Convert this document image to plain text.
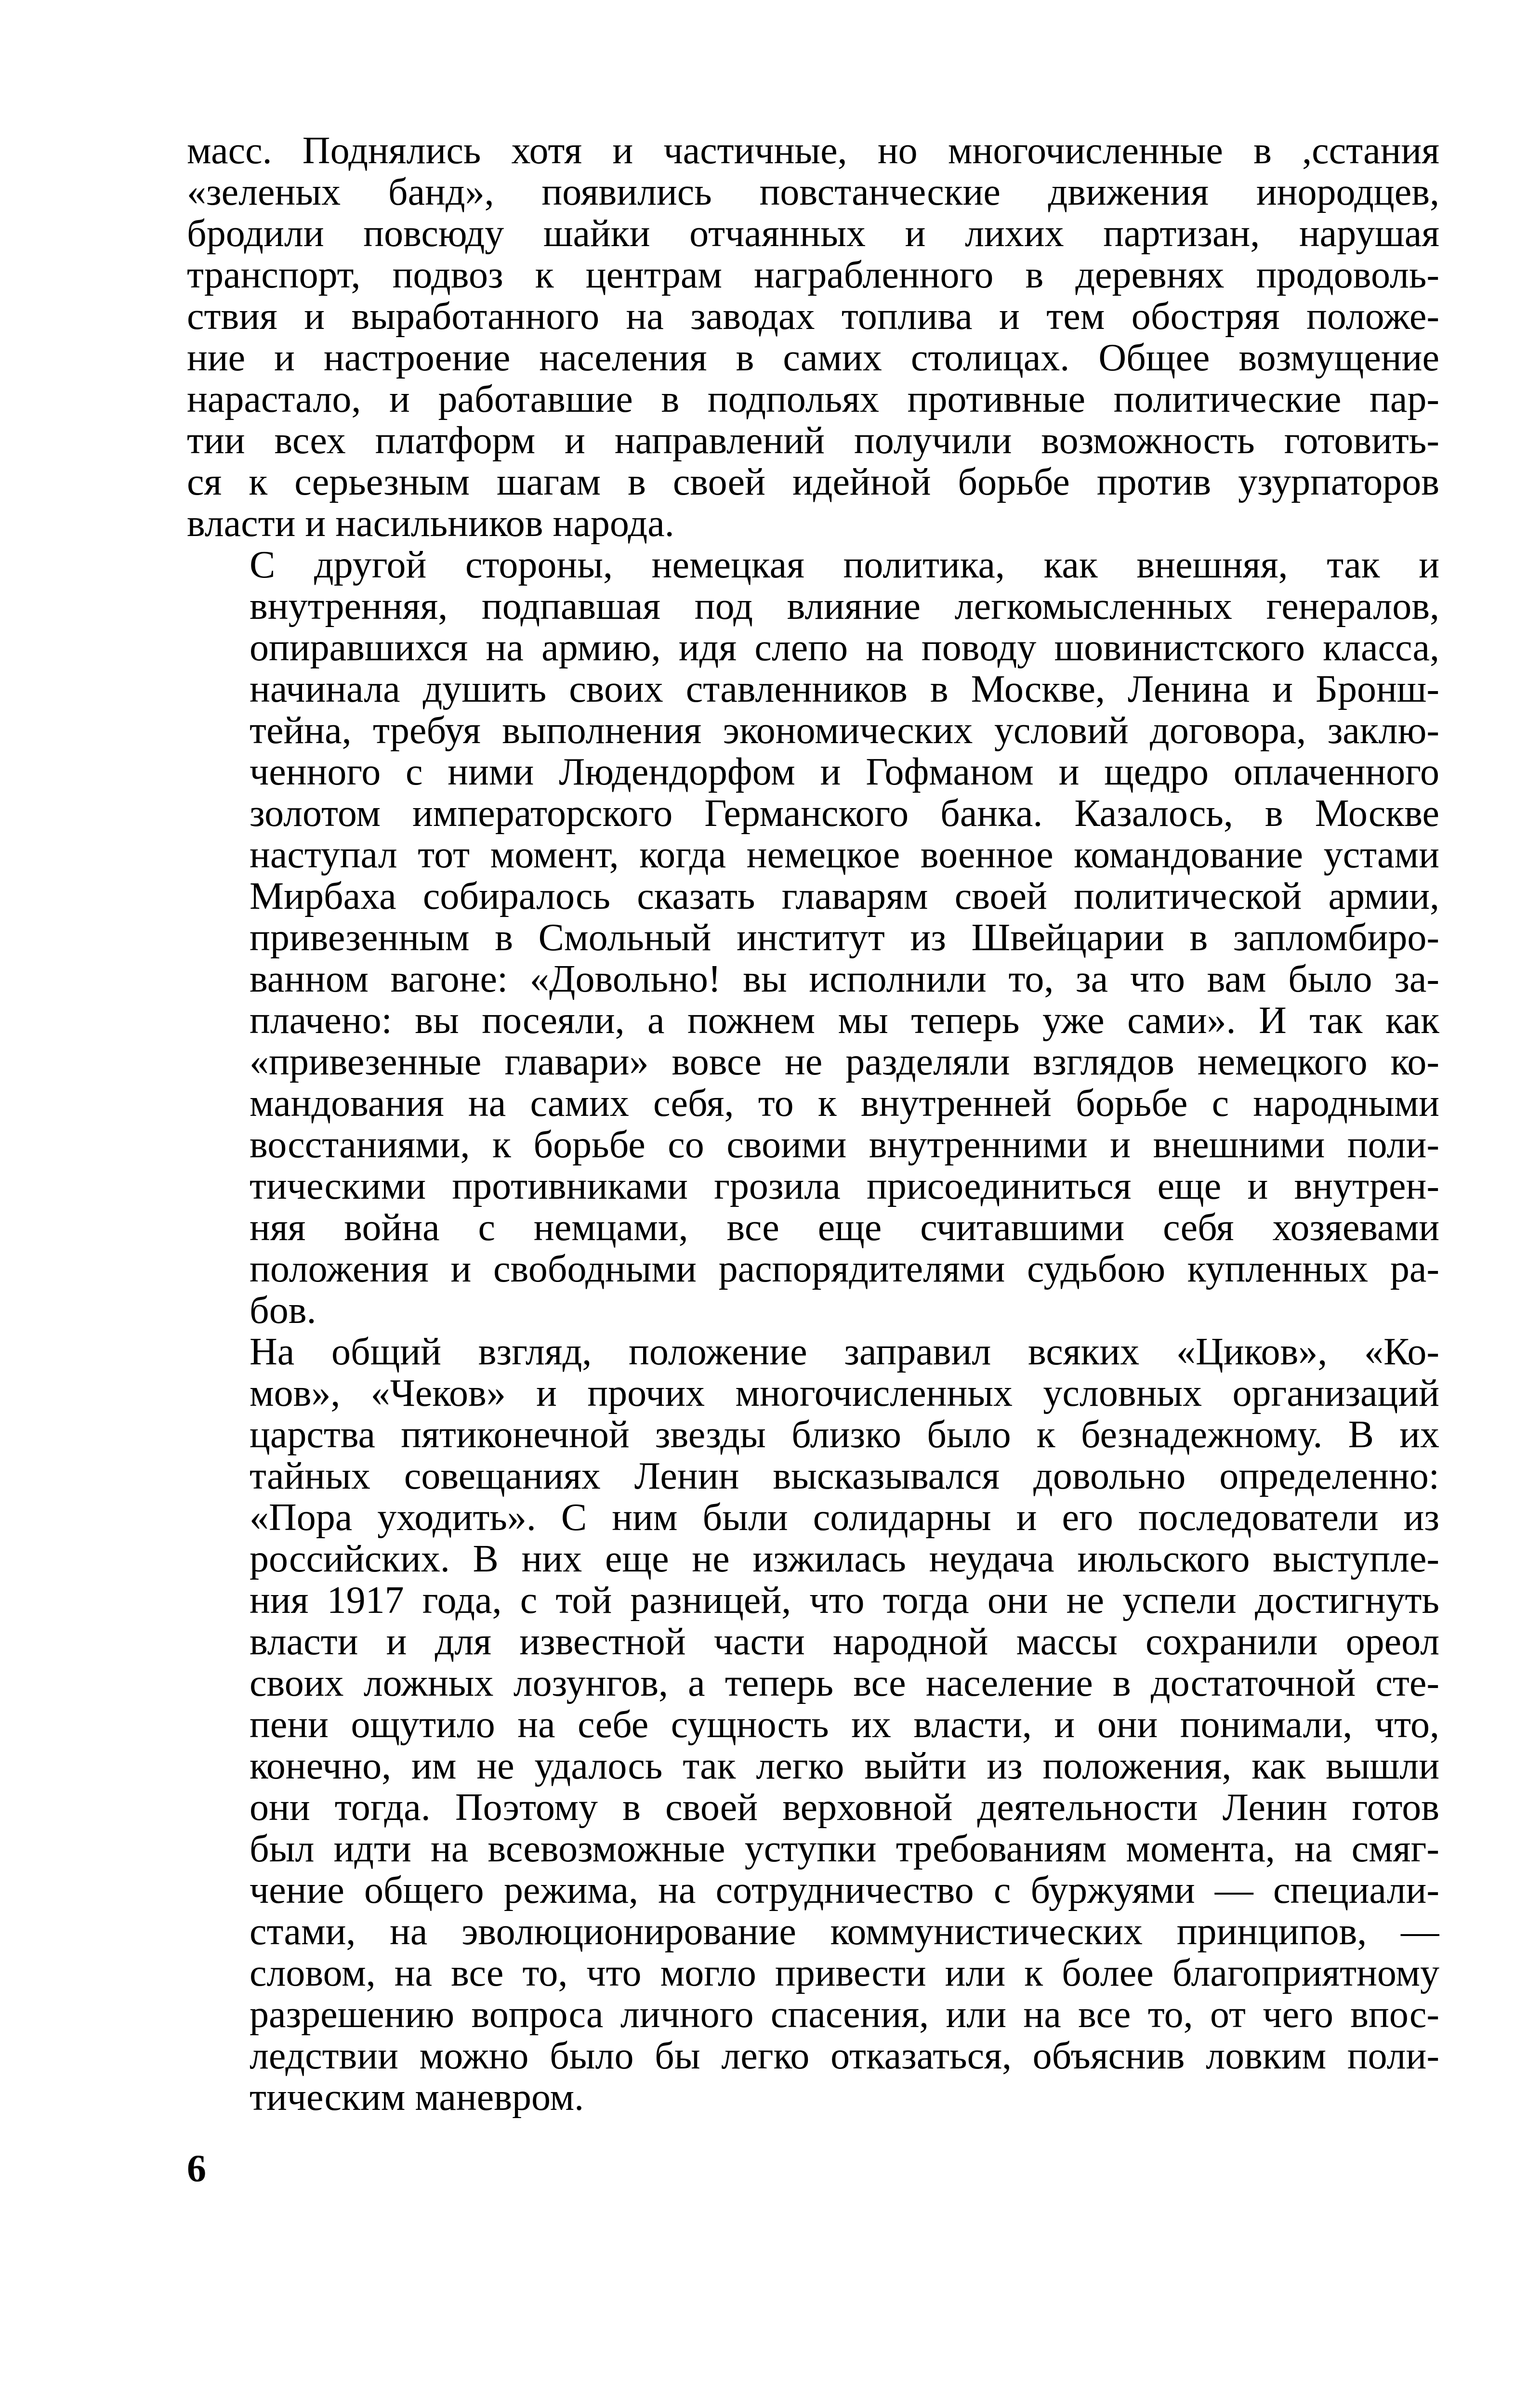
масс. Поднялись хотя и частичные, но многочисленные в ,сстания
«зеленых банд», появились повстанческие движения инородцев,
бродили повсюду шайки отчаянных и лихих партизан, нарушая
транспорт, подвоз к центрам награбленного в деревнях продоволь-
ствия и выработанного на заводах топлива и тем обостряя положе-
ние и настроение населения в самих столицах. Общее возмущение
нарастало, и работавшие в подпольях противные политические пар-
тии всех платформ и направлений получили возможность готовить-
ся к серьезным шагам в своей идейной борьбе против узурпаторов
власти и насильников народа.
С другой стороны, немецкая политика, как внешняя, так и
внутренняя, подпавшая под влияние легкомысленных генералов,
опиравшихся на армию, идя слепо на поводу шовинистского класса,
начинала душить своих ставленников в Москве, Ленина и Бронш-
тейна, требуя выполнения экономических условий договора, заклю-
ченного с ними Людендорфом и Гофманом и щедро оплаченного
золотом императорского Германского банка. Казалось, в Москве
наступал тот момент, когда немецкое военное командование устами
Мирбаха собиралось сказать главарям своей политической армии,
привезенным в Смольный институт из Швейцарии в запломбиро-
ванном вагоне: «Довольно! вы исполнили то, за что вам было за-
плачено: вы посеяли, а пожнем мы теперь уже сами». И так как
«привезенные главари» вовсе не разделяли взглядов немецкого ко-
мандования на самих себя, то к внутренней борьбе с народными
восстаниями, к борьбе со своими внутренними и внешними поли-
тическими противниками грозила присоединиться еще и внутрен-
няя война с немцами, все еще считавшими себя хозяевами
положения и свободными распорядителями судьбою купленных ра-
бов.
На общий взгляд, положение заправил всяких «Циков», «Ко-
мов», «Чеков» и прочих многочисленных условных организаций
царства пятиконечной звезды близко было к безнадежному. В их
тайных совещаниях Ленин высказывался довольно определенно:
«Пора уходить». С ним были солидарны и его последователи из
российских. В них еще не изжилась неудача июльского выступле-
ния 1917 года, с той разницей, что тогда они не успели достигнуть
власти и для известной части народной массы сохранили ореол
своих ложных лозунгов, а теперь все население в достаточной сте-
пени ощутило на себе сущность их власти, и они понимали, что,
конечно, им не удалось так легко выйти из положения, как вышли
они тогда. Поэтому в своей верховной деятельности Ленин готов
был идти на всевозможные уступки требованиям момента, на смяг-
чение общего режима, на сотрудничество с буржуями — специали-
стами, на эволюционирование коммунистических принципов, —
словом, на все то, что могло привести или к более благоприятному
разрешению вопроса личного спасения, или на все то, от чего впос-
ледствии можно было бы легко отказаться, объяснив ловким поли-
тическим маневром.
6
